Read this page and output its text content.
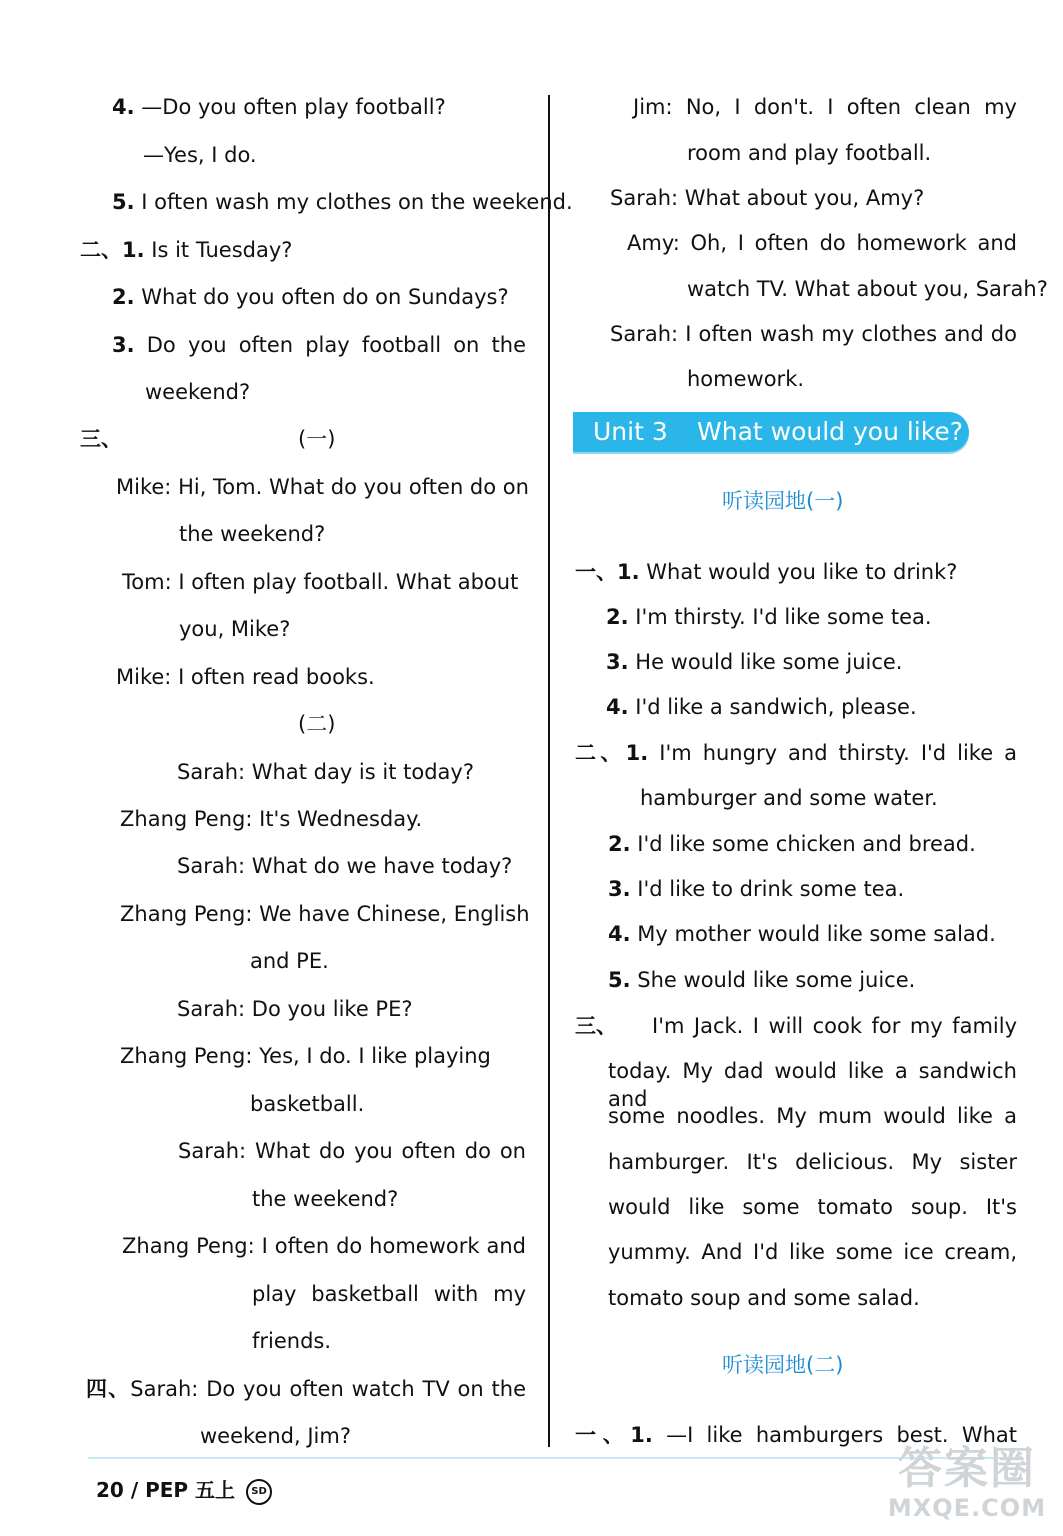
4. —Do you often play football?
—Yes, I do.
5. I often wash my clothes on the weekend.
二、1. Is it Tuesday?
2. What do you often do on Sundays?
3. Do you often play football on the
weekend?
三、	(一)
Mike: Hi, Tom. What do you often do on
the weekend?
Tom: I often play football. What about
you, Mike?
Mike: I often read books.
(二)
Sarah: What day is it today?
Zhang Peng: It's Wednesday.
Sarah: What do we have today?
Zhang Peng: We have Chinese, English
and PE.
Sarah: Do you like PE?
Zhang Peng: Yes, I do. I like playing
basketball.
Sarah: What do you often do on
the weekend?
Zhang Peng: I often do homework and
play basketball with my
friends.
四、Sarah: Do you often watch TV on the
weekend, Jim?
Jim: No, I don't. I often clean my
room and play football.
Sarah: What about you, Amy?
Amy: Oh, I often do homework and
watch TV. What about you, Sarah?
Sarah: I often wash my clothes and do
homework.
Unit 3 What would you like?
听读园地(一)
一、1. What would you like to drink?
2. I'm thirsty. I'd like some tea.
3. He would like some juice.
4. I'd like a sandwich, please.
二、1. I'm hungry and thirsty. I'd like a
hamburger and some water.
2. I'd like some chicken and bread.
3. I'd like to drink some tea.
4. My mother would like some salad.
5. She would like some juice.
三、 I'm Jack. I will cook for my family
today. My dad would like a sandwich and
some noodles. My mum would like a
hamburger. It's delicious. My sister
would like some tomato soup. It's
yummy. And I'd like some ice cream,
tomato soup and some salad.
听读园地(二)
一、1. —I like hamburgers best. What
20 / PEP 五上 SD	答案圈
MXQE.COM
